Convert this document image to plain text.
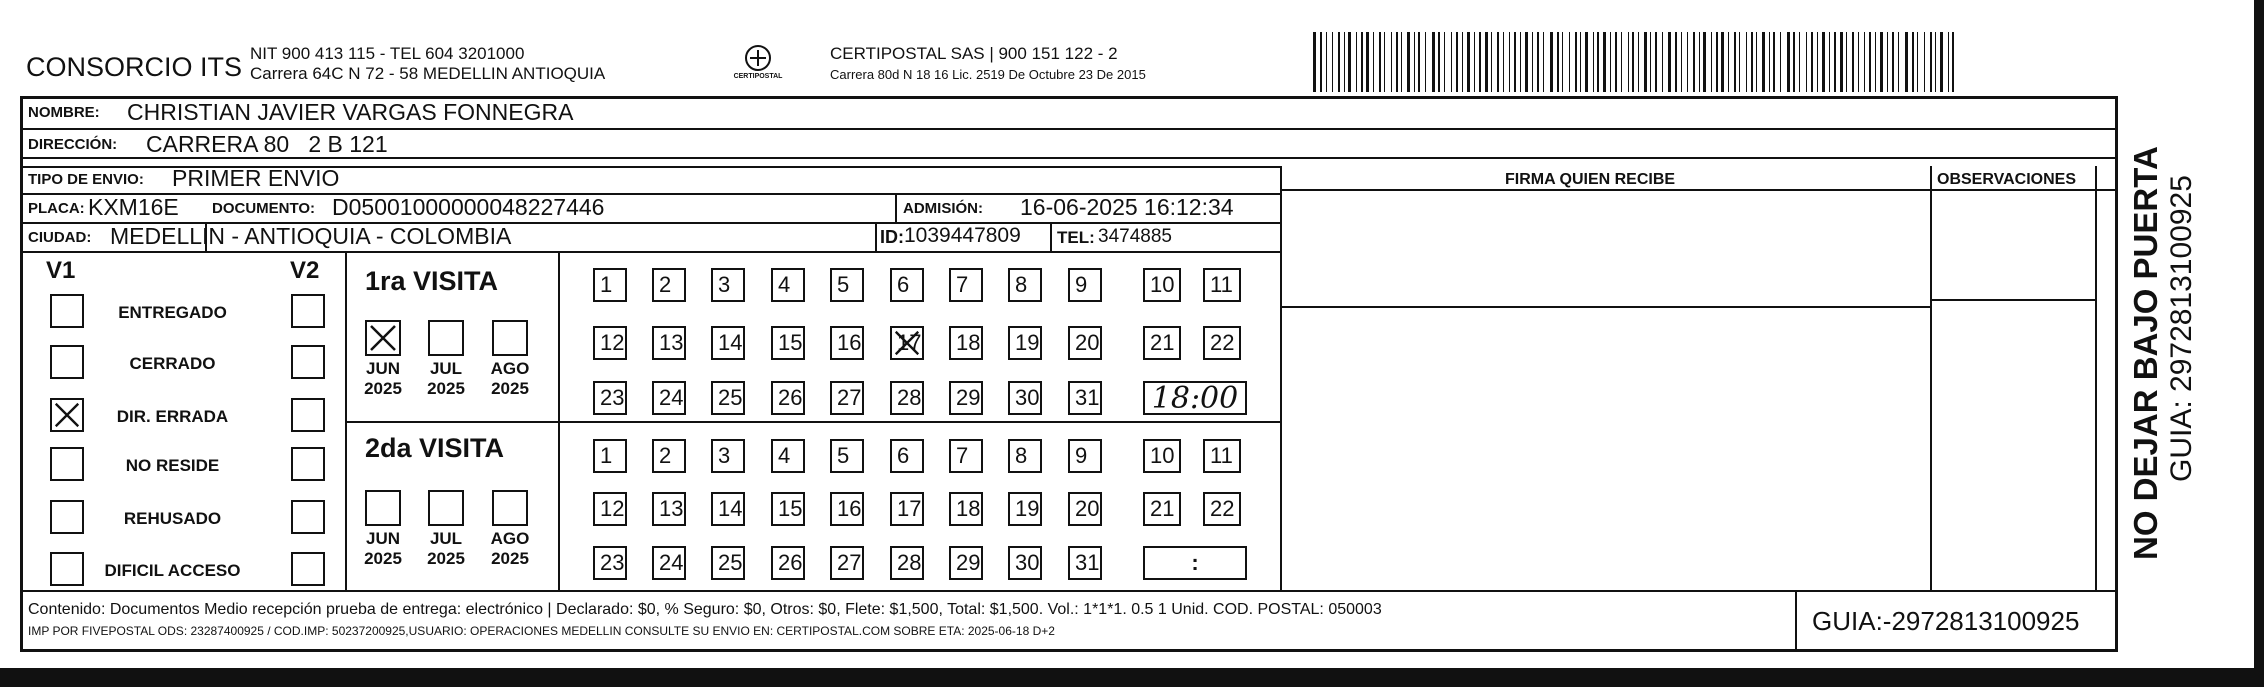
CONSORCIO ITS NIT 900 413 115 - TEL 604 3201000
Carrera 64C N 72 - 58 MEDELLIN ANTIOQUIA	CERTIPOSTAL
CERTIPOSTAL SAS | 900 151 122 - 2
Carrera 80d N 18 16 Lic. 2519 De Octubre 23 De 2015
NOMBRE: CHRISTIAN JAVIER VARGAS FONNEGRA
DIRECCIÓN: CARRERA 80   2 B 121
TIPO DE ENVIO: PRIMER ENVIO	FIRMA QUIEN RECIBE	OBSERVACIONES
PLACA: KXM16E DOCUMENTO: D05001000000048227446	ADMISIÓN: 16-06-2025 16:12:34
CIUDAD: MEDELLIN - ANTIOQUIA - COLOMBIA	ID: 1039447809 TEL: 3474885
V1	V2
ENTREGADO
CERRADO
DIR. ERRADA
NO RESIDE
REHUSADO
DIFICIL ACCESO
1ra VISITA
JUN
2025
JUL
2025
AGO
2025
1	2	3	4	5	6	7	8	9	10	11
12	13	14	15	16	17	18	19	20	21	22
23	24	25	26	27	28	29	30	31 18:00
2da VISITA
JUN
2025
JUL
2025
AGO
2025
1	2	3	4	5	6	7	8	9	10	11
12	13	14	15	16	17	18	19	20	21	22
23	24	25	26	27	28	29	30	31	:
Contenido: Documentos Medio recepción prueba de entrega: electrónico | Declarado: $0, % Seguro: $0, Otros: $0, Flete: $1,500, Total: $1,500. Vol.: 1*1*1. 0.5 1 Unid. COD. POSTAL: 050003
IMP POR FIVEPOSTAL ODS: 23287400925 / COD.IMP: 50237200925,USUARIO: OPERACIONES MEDELLIN CONSULTE SU ENVIO EN: CERTIPOSTAL.COM SOBRE ETA: 2025-06-18 D+2	GUIA:-2972813100925
NO DEJAR BAJO PUERTA GUIA: 2972813100925
